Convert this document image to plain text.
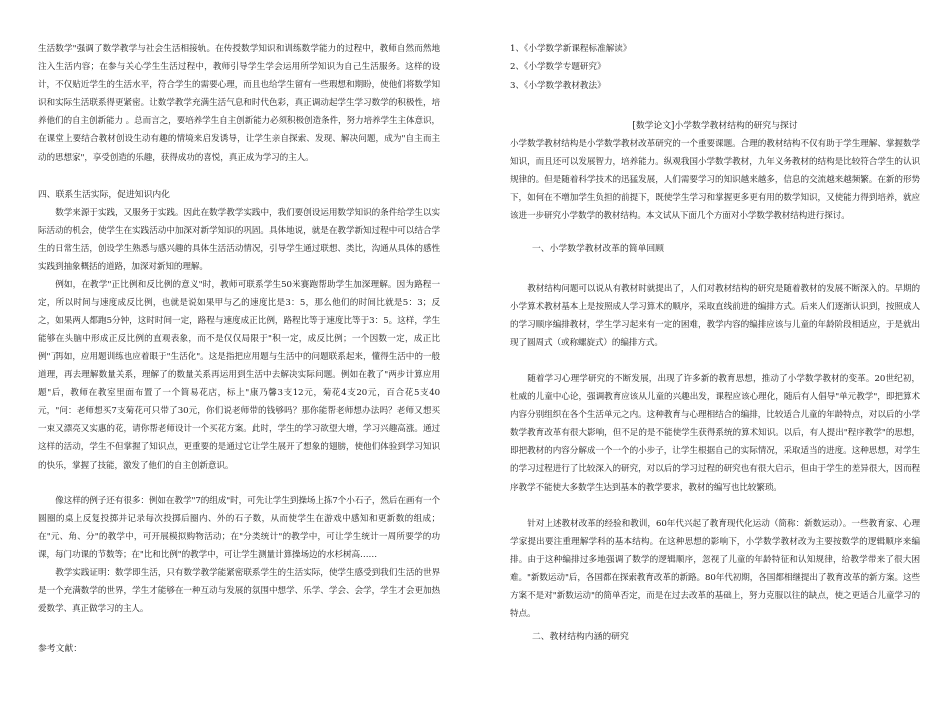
生活数学"强调了数学教学与社会生活相接轨。在传授数学知识和训练数学能力的过程中，教师自然而然地注入生活内容；在参与关心学生生活过程中，教师引导学生学会运用所学知识为自己生活服务。这样的设计，不仅贴近学生的生活水平，符合学生的需要心理，而且也给学生留有一些瑕想和期盼，使他们将数学知识和实际生活联系得更紧密。让数学教学充满生活气息和时代色彩，真正调动起学生学习数学的积极性，培养他们的自主创新能力 。总而言之，要培养学生自主创新能力必须积极创造条件，努力培养学生主体意识，在课堂上要结合教材创设生动有趣的情境来启发诱导，让学生亲自探索、发现、解决问题，成为"自主而主动的思想家"，享受创造的乐趣，获得成功的喜悦，真正成为学习的主人。

四、联系生活实际，促进知识内化

数学来源于实践，又服务于实践。因此在数学教学实践中，我们要创设运用数学知识的条件给学生以实际活动的机会，使学生在实践活动中加深对新学知识的巩固。具体地说，就是在教学新知过程中可以结合学生的日常生活，创设学生熟悉与感兴趣的具体生活活动情况，引导学生通过联想、类比，沟通从具体的感性实践到抽象概括的道路，加深对新知的理解。

例如，在教学"正比例和反比例的意义"时，教师可联系学生50米赛跑帮助学生加深理解。因为路程一定，所以时间与速度成反比例，也就是说如果甲与乙的速度比是3：5，那么他们的时间比就是5：3；反之，如果两人都跑5分钟，这时时间一定，路程与速度成正比例，路程比等于速度比等于3：5。这样，学生能够在头脑中形成正反比例的直观表象，而不是仅仅局限于"积一定，成反比例；一个因数一定，成正比例"了

再如，应用题训练也应着眼于"生活化"。这是指把应用题与生活中的问题联系起来，懂得生活中的一般道理，再去理解数量关系，理解了的数量关系再运用到生活中去解决实际问题。例如在教了"两步计算应用题"后，教师在教室里面布置了一个简易花店，标上"康乃馨3支12元，菊花4支20元，百合花5支40元，"问：老师想买7支菊花可只带了30元，你们说老师带的钱够吗？那你能帮老师想办法吗？老师又想买一束又漂亮又实惠的花，请你帮老师设计一个买花方案。此时，学生的学习欲望大增，学习兴趣高涨。通过这样的活动，学生不但掌握了知识点，更重要的是通过它让学生展开了想象的翅膀，使他们体验到学习知识的快乐，掌握了技能，激发了他们的自主创新意识。

像这样的例子还有很多：例如在教学"7的组成"时，可先让学生到操场上拣7个小石子，然后在画有一个圆圈的桌上反复投掷并记录每次投掷后圈内、外的石子数，从而使学生在游戏中感知和更新数的组成；在"元、角、分"的教学中，可开展模拟购物活动；在"分类统计"的教学中，可让学生统计一周所要学的功课，每门功课的节数等；在"比和比例"的教学中，可让学生测量计算操场边的水杉树高……

教学实践证明：数学即生活，只有数学教学能紧密联系学生的生活实际，使学生感受到我们生活的世界是一个充满数学的世界，学生才能够在一种互动与发展的氛围中想学、乐学、学会、会学，学生才会更加热爱数学、真正做学习的主人。

参考文献：
1、《小学数学新课程标准解读》
2、《小学数学专题研究》
3、《小学数学教材教法》
[数学论文]小学数学教材结构的研究与探讨

小学数学教材结构是小学数学教材改革研究的一个重要课题。合理的教材结构不仅有助于学生理解、掌握数学知识，而且还可以发展智力，培养能力。纵观我国小学数学教材，九年义务教材的结构是比较符合学生的认识规律的。但是随着科学技术的迅猛发展，人们需要学习的知识越来越多，信息的交流越来越频繁。在新的形势下，如何在不增加学生负担的前提下，既使学生学习和掌握更多更有用的数学知识，又使能力得到培养，就应该进一步研究小学数学的教材结构。本文试从下面几个方面对小学数学教材结构进行探讨。

一、小学数学教材改革的简单回顾

教材结构问题可以说从有教材时就提出了，人们对教材结构的研究是随着教材的发展不断深入的。早期的小学算术教材基本上是按照成人学习算术的顺序，采取直线前进的编排方式。后来人们逐渐认识到，按照成人的学习顺序编排教材，学生学习起来有一定的困难，教学内容的编排应该与儿童的年龄阶段相适应，于是就出现了圆周式（或称螺旋式）的编排方式。

随着学习心理学研究的不断发展，出现了许多新的教育思想，推动了小学数学教材的变革。20世纪初，杜威的儿童中心论，强调教育应该从儿童的兴趣出发，课程应该心理化，随后有人倡导"单元教学"，即把算术内容分别组织在各个生活单元之内。这种教育与心理相结合的编排，比较适合儿童的年龄特点，对以后的小学数学教育改革有很大影响，但不足的是不能使学生获得系统的算术知识。以后，有人提出"程序教学"的思想，即把教材的内容分解成一个一个的小步子，让学生根据自己的实际情况，采取适当的进度。这种思想，对学生的学习过程进行了比较深入的研究，对以后的学习过程的研究也有很大启示，但由于学生的差异很大，因而程序教学不能使大多数学生达到基本的教学要求，教材的编写也比较繁琐。

针对上述教材改革的经验和教训，60年代兴起了教育现代化运动（简称：新数运动）。一些教育家、心理学家提出要注重理解学科的基本结构。在这种思想的影响下，小学数学教材改为主要按数学的逻辑顺序来编排。由于这种编排过多地强调了数学的逻辑顺序，忽视了儿童的年龄特征和认知规律，给教学带来了很大困难。"新数运动"后，各国都在探索教育改革的新路。80年代初期，各国都相继提出了教育改革的新方案。这些方案不是对"新数运动"的简单否定，而是在过去改革的基础上，努力克服以往的缺点，使之更适合儿童学习的特点。

二、教材结构内涵的研究
